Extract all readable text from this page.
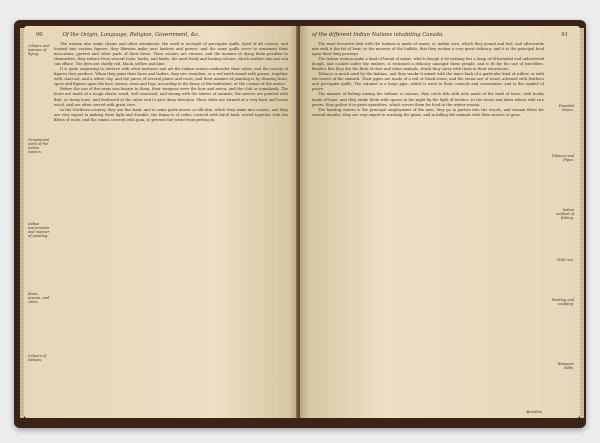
90	Of the Origin, Language, Religion, Government, &c.
Colours and manner of dying.
Ornamental work of the Indian women.
Indian instruments and manner of painting.
Bows, arrows, and clubs.
Colours of Indians.

The women also make chains and other ornaments; the work is wrought of porcupine quills, dyed of all colours, and formed into various figures; they likewise make neat baskets and purses; and the same quills serve to ornament their moccasins, garters and other parts of their dress. Their colours are various, and the manner of dying them peculiar to themselves; they extract from several roots, herbs, and barks, the most lively and lasting colours, which neither rain nor sun can efface. The dyes are chiefly red, black, yellow and blue.

It is quite surprising to observe with what neatness and art the Indian women embroider their robes, and the variety of figures they produce. When they paint their faces and bodies, they use vermilion, or a red earth mixed with grease, together with charcoal, and a white clay, and the juices of several plants and roots; and their manner of painting is by drawing lines, spots and figures upon the face, breast, arms and legs, according to the fancy of the individual, or the custom of the nation.

Before the use of fire-arms was known to them, their weapons were the bow and arrow, and the club or tomahawk. The bows are made of a tough elastic wood, well seasoned, and strung with the sinews of animals; the arrows are pointed with flint, or sharp bone, and feathered at the other end to give them direction. Their clubs are formed of a very hard and heavy wood, and are often carved with great care.

In the Northern country, they use fine bark, and in some parts moose or elk skin, which they make into canoes, and they are very expert in making them light and durable; the frame is of cedar, covered with birch bark, sewed together with the fibres of roots, and the seams covered with gum, to prevent the water from getting in.

91
of the different Indian Nations inhabiting Canada.
Pounded Maize.
Tobacco and Pipes.
Indian method of fishing.
Wild rice.
Hunting and scalping.
Wampum belts.

The most favourite dish with the Indians is made of maize, or Indian corn, which they pound and boil, and afterwards mix with it the fat of bear, or the marrow of the buffalo; this they reckon a very great delicacy, and it is the principal food upon their long journeys.

The Indian women make a kind of bread of maize, which though it be nothing but a lump of ill-kneaded and unleavened dough, and cooked under the embers, is reckoned a delicacy amongst these people, and is fit for the use of travellers. Besides this they dry the flesh of deer and other animals, which they carry with them in their excursions.

Tobacco is much used by the Indians, and they smoke it mixed with the inner bark of a particular kind of willow, or with the leaves of the sumach. Their pipes are made of a red or black stone, and the stems are of wood, adorned with feathers and porcupine quills. The calumet is a large pipe, which is used in their councils and ceremonies, and is the symbol of peace.

The manner of fishing among the Indians is various; they catch fish with nets made of the bark of trees, with hooks made of bone, and they strike them with spears in the night by the light of torches. In the rivers and lakes where wild rice grows, they gather it in great quantities, which serves them for food in the winter season.

The hunting season is the principal employment of the men; they go in parties into the woods, and remain there for several months; they are very expert in tracking the game, and in killing the animals with their arrows or guns.

Besides
